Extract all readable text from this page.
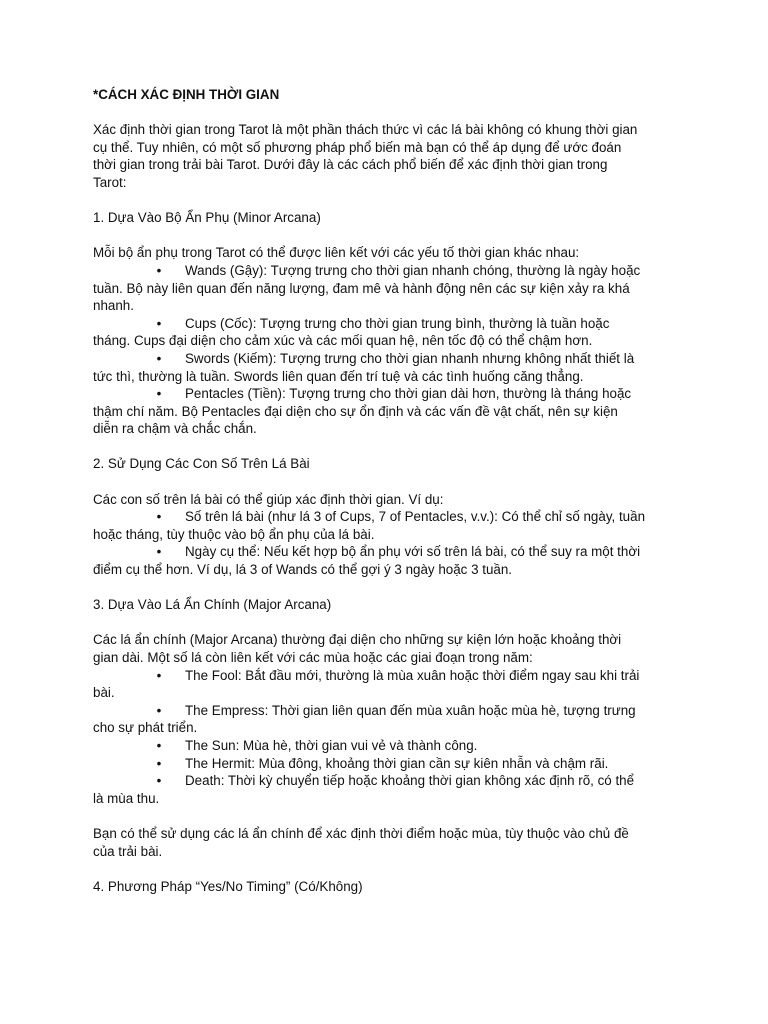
*CÁCH XÁC ĐỊNH THỜI GIAN
Xác định thời gian trong Tarot là một phần thách thức vì các lá bài không có khung thời gian
cụ thể. Tuy nhiên, có một số phương pháp phổ biến mà bạn có thể áp dụng để ước đoán
thời gian trong trải bài Tarot. Dưới đây là các cách phổ biến để xác định thời gian trong
Tarot:
1. Dựa Vào Bộ Ẩn Phụ (Minor Arcana)
Mỗi bộ ẩn phụ trong Tarot có thể được liên kết với các yếu tố thời gian khác nhau:
• Wands (Gậy): Tượng trưng cho thời gian nhanh chóng, thường là ngày hoặc
tuần. Bộ này liên quan đến năng lượng, đam mê và hành động nên các sự kiện xảy ra khá
nhanh.
• Cups (Cốc): Tượng trưng cho thời gian trung bình, thường là tuần hoặc
tháng. Cups đại diện cho cảm xúc và các mối quan hệ, nên tốc độ có thể chậm hơn.
• Swords (Kiếm): Tượng trưng cho thời gian nhanh nhưng không nhất thiết là
tức thì, thường là tuần. Swords liên quan đến trí tuệ và các tình huống căng thẳng.
• Pentacles (Tiền): Tượng trưng cho thời gian dài hơn, thường là tháng hoặc
thậm chí năm. Bộ Pentacles đại diện cho sự ổn định và các vấn đề vật chất, nên sự kiện
diễn ra chậm và chắc chắn.
2. Sử Dụng Các Con Số Trên Lá Bài
Các con số trên lá bài có thể giúp xác định thời gian. Ví dụ:
• Số trên lá bài (như lá 3 of Cups, 7 of Pentacles, v.v.): Có thể chỉ số ngày, tuần
hoặc tháng, tùy thuộc vào bộ ẩn phụ của lá bài.
• Ngày cụ thể: Nếu kết hợp bộ ẩn phụ với số trên lá bài, có thể suy ra một thời
điểm cụ thể hơn. Ví dụ, lá 3 of Wands có thể gợi ý 3 ngày hoặc 3 tuần.
3. Dựa Vào Lá Ẩn Chính (Major Arcana)
Các lá ẩn chính (Major Arcana) thường đại diện cho những sự kiện lớn hoặc khoảng thời
gian dài. Một số lá còn liên kết với các mùa hoặc các giai đoạn trong năm:
• The Fool: Bắt đầu mới, thường là mùa xuân hoặc thời điểm ngay sau khi trải
bài.
• The Empress: Thời gian liên quan đến mùa xuân hoặc mùa hè, tượng trưng
cho sự phát triển.
• The Sun: Mùa hè, thời gian vui vẻ và thành công.
• The Hermit: Mùa đông, khoảng thời gian cần sự kiên nhẫn và chậm rãi.
• Death: Thời kỳ chuyển tiếp hoặc khoảng thời gian không xác định rõ, có thể
là mùa thu.
Bạn có thể sử dụng các lá ẩn chính để xác định thời điểm hoặc mùa, tùy thuộc vào chủ đề
của trải bài.
4. Phương Pháp “Yes/No Timing” (Có/Không)
